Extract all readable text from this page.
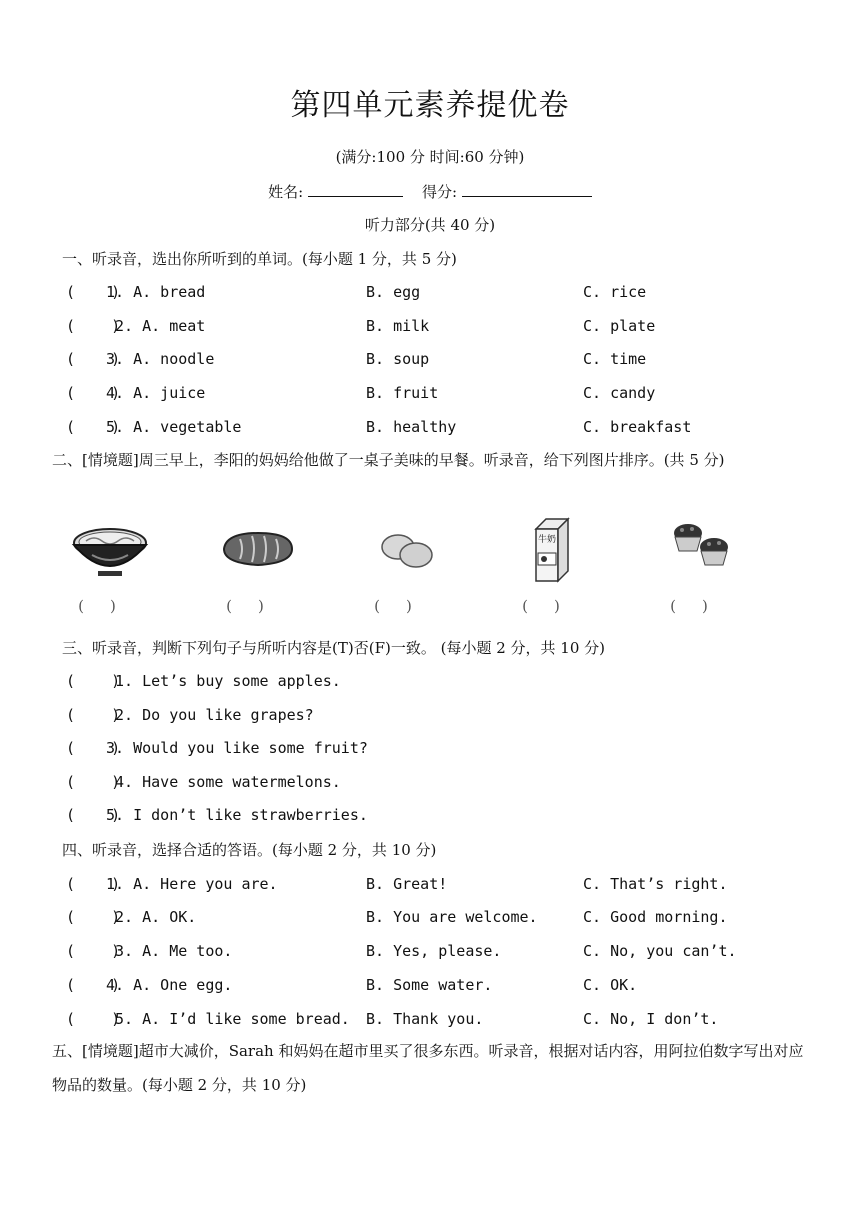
第四单元素养提优卷
(满分:100 分 时间:60 分钟)
姓名:	得分:
听力部分(共 40 分)
一、听录音，选出你所听到的单词。(每小题 1 分，共 5 分)
(    )
1. A. bread	B. egg	C. rice
(    )
2. A. meat	B. milk	C. plate
(    )
3. A. noodle	B. soup	C. time
(    )
4. A. juice	B. fruit	C. candy
(    )
5. A. vegetable	B. healthy	C. breakfast
二、[情境题]周三早上，李阳的妈妈给他做了一桌子美味的早餐。听录音，给下列图片排序。(共 5 分)
()	()	()
牛奶
()	()
三、听录音，判断下列句子与所听内容是(T)否(F)一致。 (每小题 2 分，共 10 分)
(    )
1. Let’s buy some apples.
(    )
2. Do you like grapes?
(    )
3. Would you like some fruit?
(    )
4. Have some watermelons.
(    )
5. I don’t like strawberries.
四、听录音，选择合适的答语。(每小题 2 分，共 10 分)
(    )
1. A. Here you are.	B. Great!	C. That’s right.
(    )
2. A. OK.	B. You are welcome.	C. Good morning.
(    )
3. A. Me too.	B. Yes, please.	C. No, you can’t.
(    )
4. A. One egg.	B. Some water.	C. OK.
(    )
5. A. I’d like some bread. B. Thank you.	C. No, I don’t.
五、[情境题]超市大减价，Sarah 和妈妈在超市里买了很多东西。听录音，根据对话内容，用阿拉伯数字写出对应物品的数量。(每小题 2 分，共 10 分)
